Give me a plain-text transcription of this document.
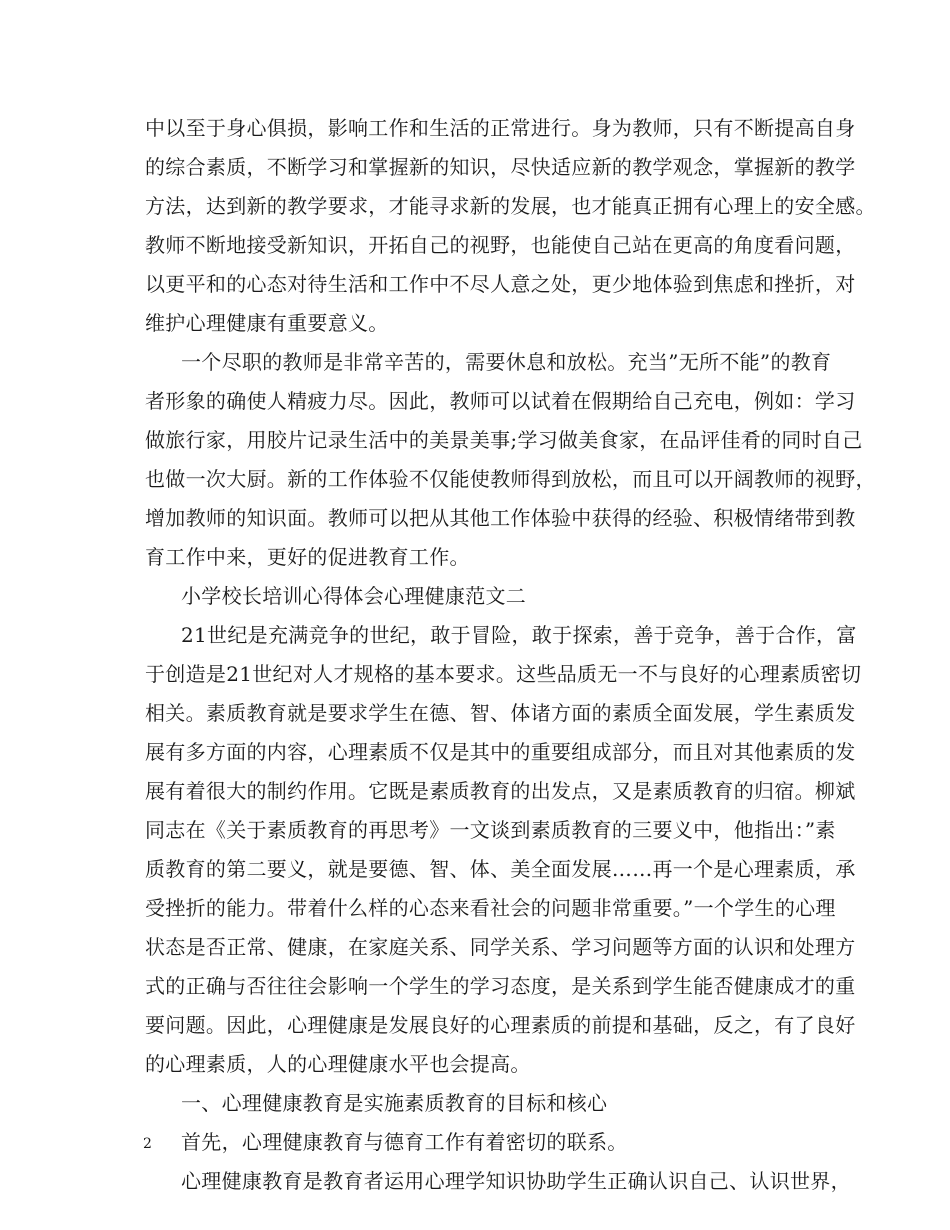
中以至于身心俱损，影响工作和生活的正常进行。身为教师，只有不断提高自身
的综合素质，不断学习和掌握新的知识，尽快适应新的教学观念，掌握新的教学
方法，达到新的教学要求，才能寻求新的发展，也才能真正拥有心理上的安全感。
教师不断地接受新知识，开拓自己的视野，也能使自己站在更高的角度看问题，
以更平和的心态对待生活和工作中不尽人意之处，更少地体验到焦虑和挫折，对
维护心理健康有重要意义。
一个尽职的教师是非常辛苦的，需要休息和放松。充当”无所不能”的教育
者形象的确使人精疲力尽。因此，教师可以试着在假期给自己充电，例如：学习
做旅行家，用胶片记录生活中的美景美事;学习做美食家，在品评佳肴的同时自己
也做一次大厨。新的工作体验不仅能使教师得到放松，而且可以开阔教师的视野，
增加教师的知识面。教师可以把从其他工作体验中获得的经验、积极情绪带到教
育工作中来，更好的促进教育工作。
小学校长培训心得体会心理健康范文二
21世纪是充满竞争的世纪，敢于冒险，敢于探索，善于竞争，善于合作，富
于创造是21世纪对人才规格的基本要求。这些品质无一不与良好的心理素质密切
相关。素质教育就是要求学生在德、智、体诸方面的素质全面发展，学生素质发
展有多方面的内容，心理素质不仅是其中的重要组成部分，而且对其他素质的发
展有着很大的制约作用。它既是素质教育的出发点，又是素质教育的归宿。柳斌
同志在《关于素质教育的再思考》一文谈到素质教育的三要义中，他指出：”素
质教育的第二要义，就是要德、智、体、美全面发展……再一个是心理素质，承
受挫折的能力。带着什么样的心态来看社会的问题非常重要。”一个学生的心理
状态是否正常、健康，在家庭关系、同学关系、学习问题等方面的认识和处理方
式的正确与否往往会影响一个学生的学习态度，是关系到学生能否健康成才的重
要问题。因此，心理健康是发展良好的心理素质的前提和基础，反之，有了良好
的心理素质，人的心理健康水平也会提高。
一、心理健康教育是实施素质教育的目标和核心
首先，心理健康教育与德育工作有着密切的联系。
心理健康教育是教育者运用心理学知识协助学生正确认识自己、认识世界，
2
